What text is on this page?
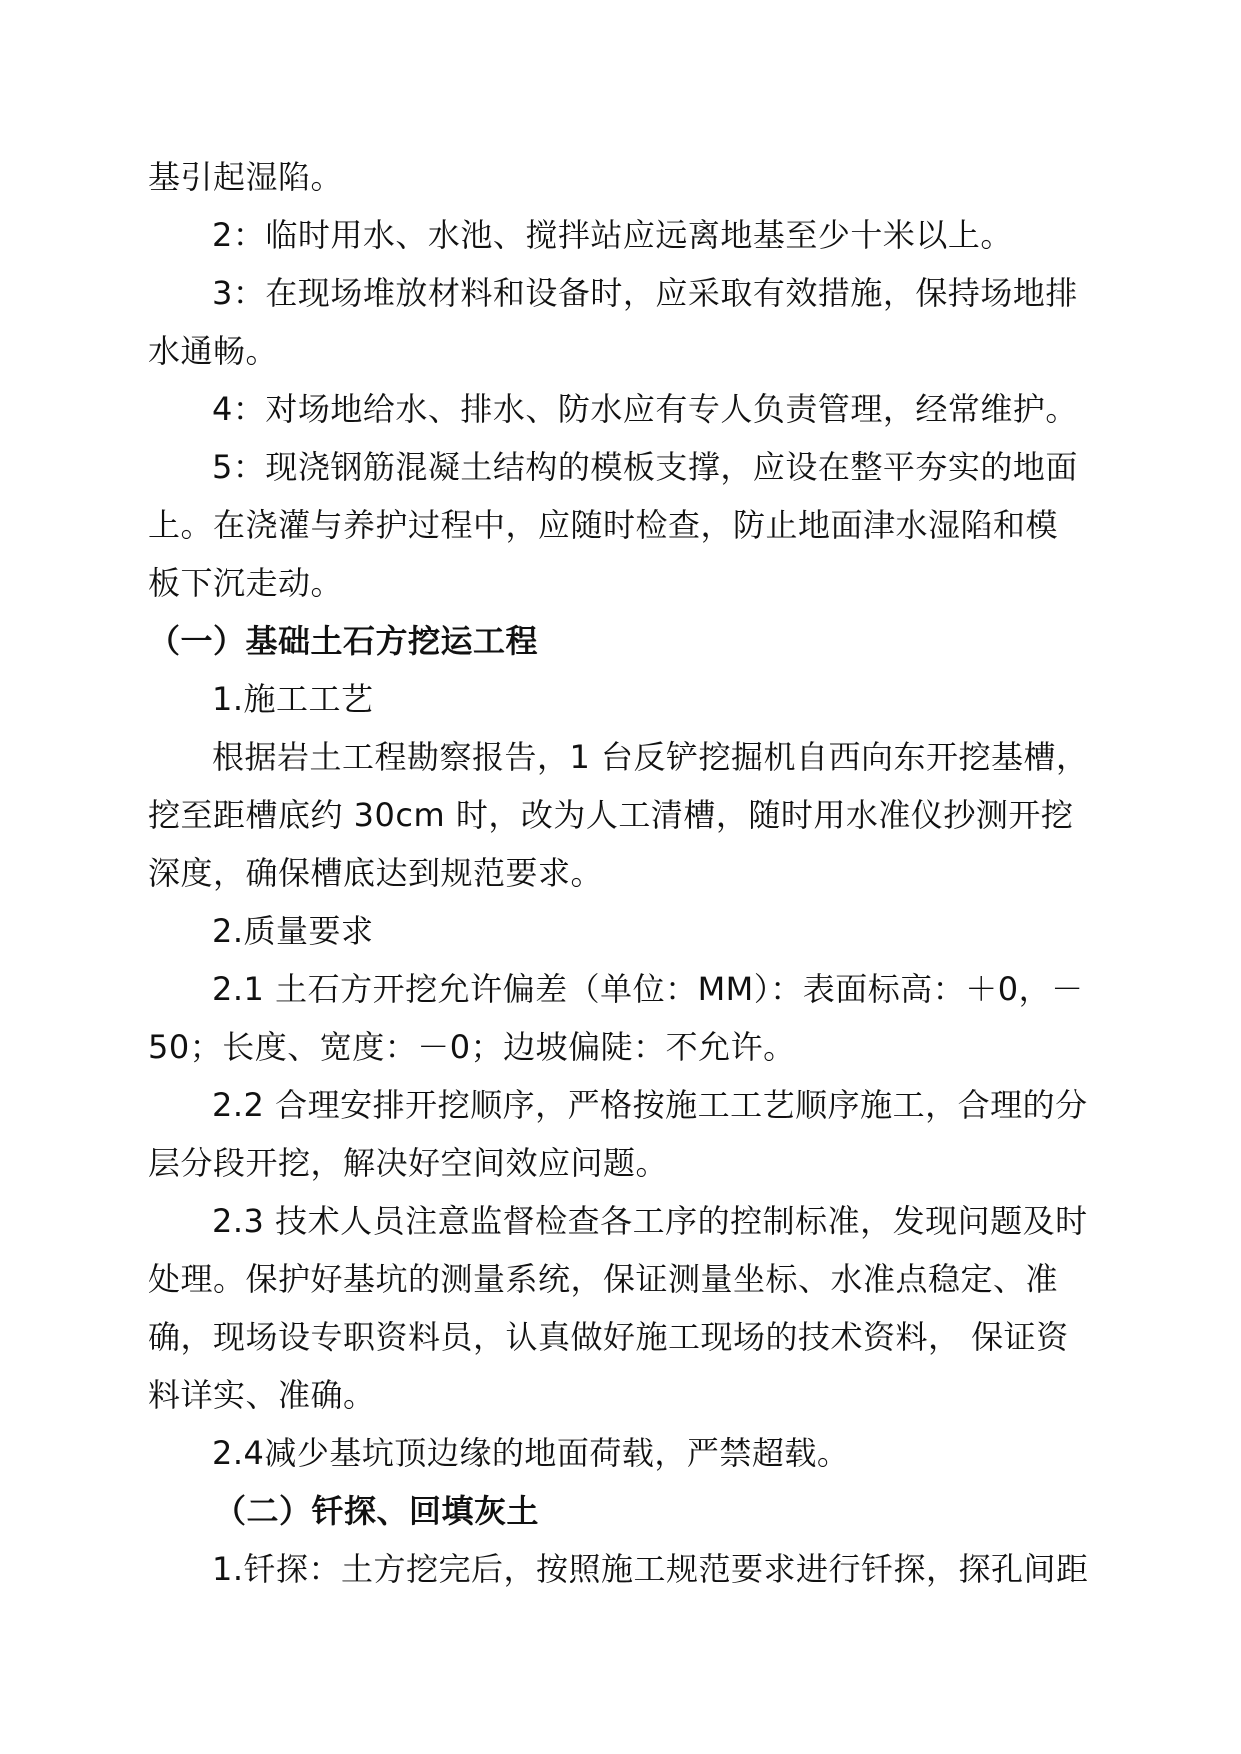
基引起湿陷。
2：临时用水、水池、搅拌站应远离地基至少十米以上。
3：在现场堆放材料和设备时，应采取有效措施，保持场地排
水通畅。
4：对场地给水、排水、防水应有专人负责管理，经常维护。
5：现浇钢筋混凝土结构的模板支撑，应设在整平夯实的地面
上。在浇灌与养护过程中，应随时检查，防止地面津水湿陷和模
板下沉走动。
（一）基础土石方挖运工程
1.施工工艺
根据岩土工程勘察报告，1 台反铲挖掘机自西向东开挖基槽，
挖至距槽底约 30cm 时，改为人工清槽，随时用水准仪抄测开挖
深度，确保槽底达到规范要求。
2.质量要求
2.1 土石方开挖允许偏差（单位：MM）：表面标高：＋0，－
50；长度、宽度：－0；边坡偏陡：不允许。
2.2 合理安排开挖顺序，严格按施工工艺顺序施工，合理的分
层分段开挖，解决好空间效应问题。
2.3 技术人员注意监督检查各工序的控制标准，发现问题及时
处理。保护好基坑的测量系统，保证测量坐标、水准点稳定、准
确，现场设专职资料员，认真做好施工现场的技术资料， 保证资
料详实、准确。
2.4减少基坑顶边缘的地面荷载，严禁超载。
（二）钎探、回填灰土
1.钎探：土方挖完后，按照施工规范要求进行钎探，探孔间距
